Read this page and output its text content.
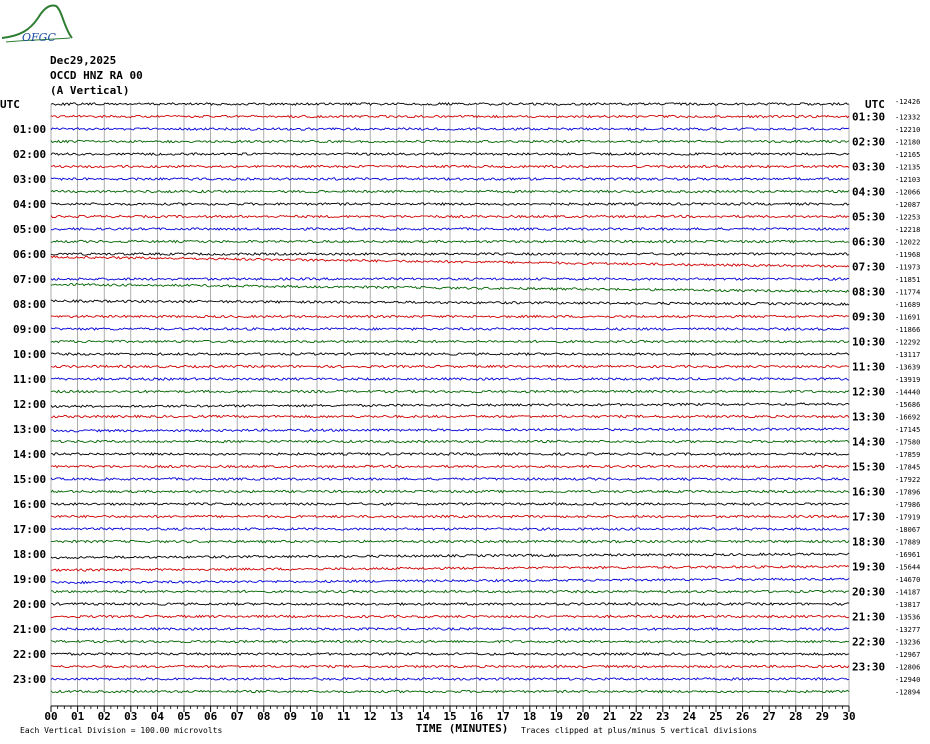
OFGC
Dec29,2025
OCCD HNZ RA 00
(A Vertical)
UTC	UTC -12426
01:00
02:00
03:00
04:00
05:00
06:00
07:00
08:00
09:00
10:00
11:00
12:00
13:00
14:00
15:00
16:00
17:00
18:00
19:00
20:00
21:00
22:00
23:00
01:30
02:30
03:30
04:30
05:30
06:30
07:30
08:30
09:30
10:30
11:30
12:30
13:30
14:30
15:30
16:30
17:30
18:30
19:30
20:30
21:30
22:30
23:30
-12332
-12210
-12180
-12165
-12135
-12103
-12066
-12087
-12253
-12218
-12022
-11968
-11973
-11851
-11774
-11689
-11691
-11866
-12292
-13117
-13639
-13919
-14440
-15686
-16692
-17145
-17580
-17859
-17845
-17922
-17896
-17986
-17919
-18067
-17889
-16961
-15644
-14670
-14187
-13817
-13536
-13277
-13236
-12967
-12806
-12940
-12894
00 01 02 03 04 05 06 07 08 09 10 11 12 13 14 15 16 17 18 19 20 21 22 23 24 25 26 27 28 29 30
TIME (MINUTES)
Each Vertical Division = 100.00 microvolts	Traces clipped at plus/minus 5 vertical divisions
